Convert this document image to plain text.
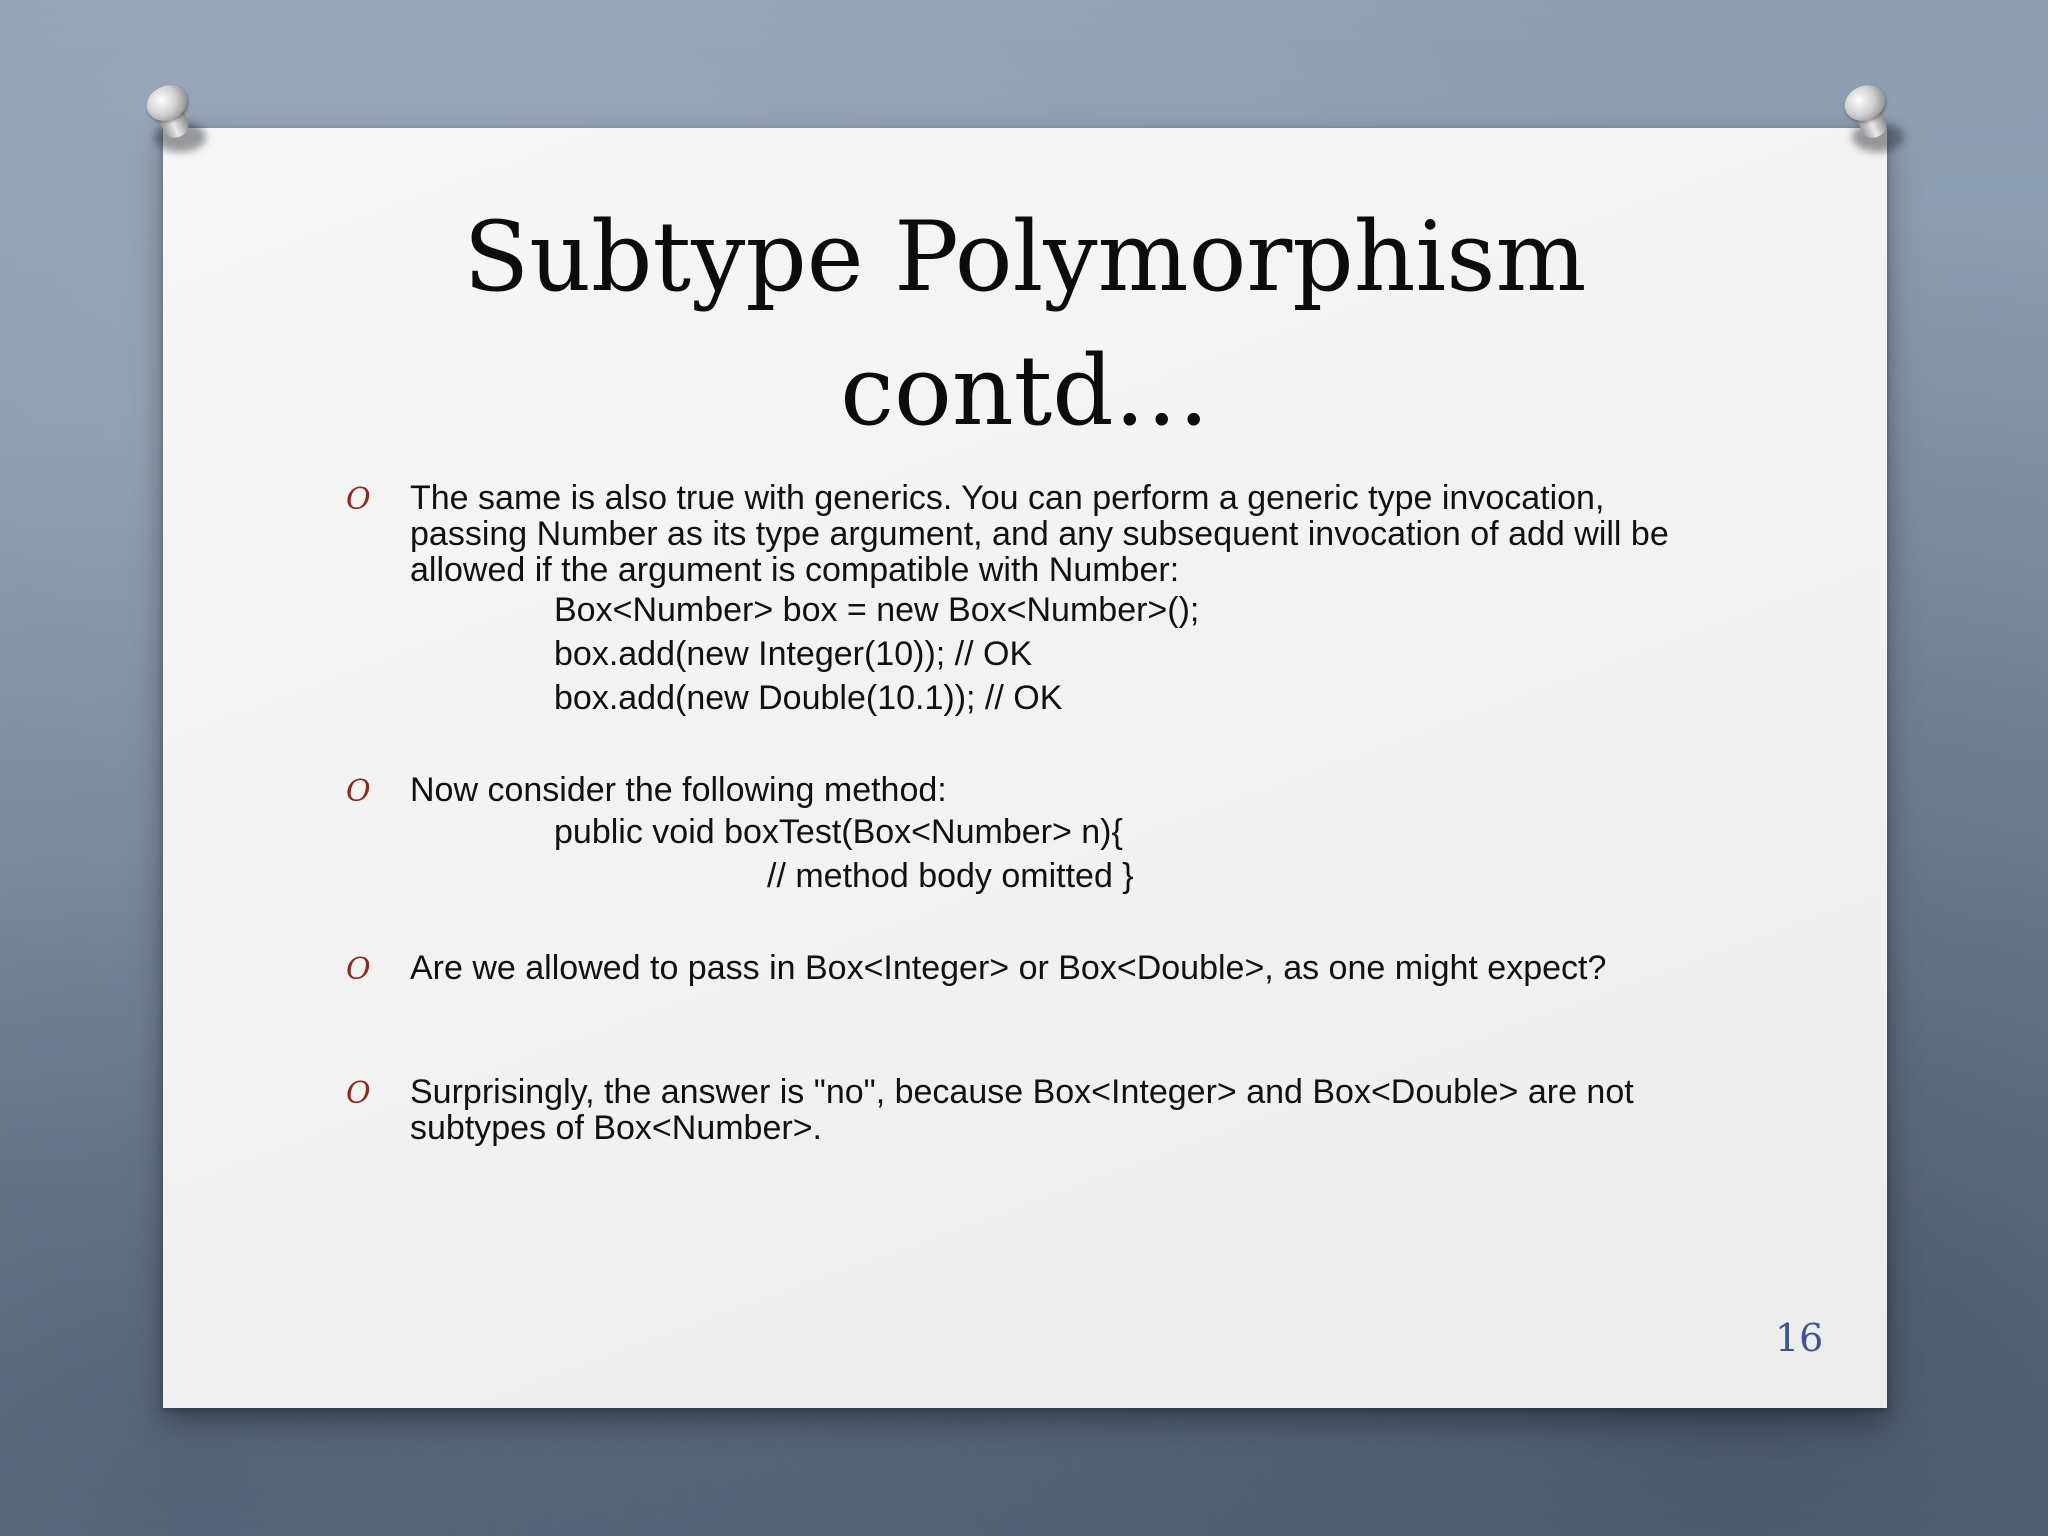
Subtype Polymorphism
contd…
O The same is also true with generics. You can perform a generic type invocation, passing Number as its type argument, and any subsequent invocation of add will be allowed if the argument is compatible with Number:
Box<Number> box = new Box<Number>();
box.add(new Integer(10)); // OK
box.add(new Double(10.1)); // OK
O Now consider the following method:
public void boxTest(Box<Number> n){
// method body omitted }
O Are we allowed to pass in Box<Integer> or Box<Double>, as one might expect?
O Surprisingly, the answer is "no", because Box<Integer> and Box<Double> are not subtypes of Box<Number>.
16
